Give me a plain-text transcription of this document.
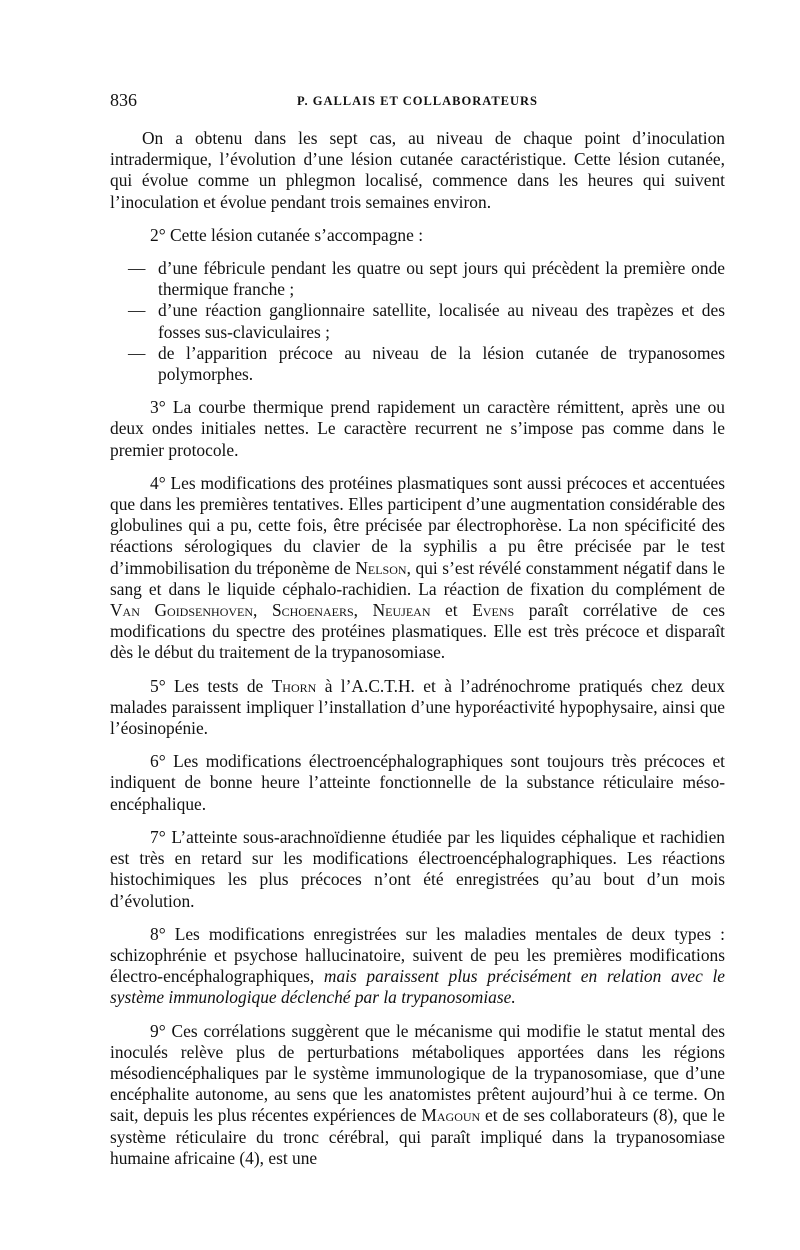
836	P. GALLAIS ET COLLABORATEURS

On a obtenu dans les sept cas, au niveau de chaque point d’inoculation intradermique, l’évolution d’une lésion cutanée caractéristique. Cette lésion cutanée, qui évolue comme un phlegmon localisé, commence dans les heures qui suivent l’inoculation et évolue pendant trois semaines environ.

2° Cette lésion cutanée s’accompagne :

— d’une fébricule pendant les quatre ou sept jours qui précèdent la première onde thermique franche ;
— d’une réaction ganglionnaire satellite, localisée au niveau des trapèzes et des fosses sus-claviculaires ;
— de l’apparition précoce au niveau de la lésion cutanée de trypanosomes polymorphes.

3° La courbe thermique prend rapidement un caractère rémittent, après une ou deux ondes initiales nettes. Le caractère recurrent ne s’impose pas comme dans le premier protocole.

4° Les modifications des protéines plasmatiques sont aussi précoces et accentuées que dans les premières tentatives. Elles participent d’une augmentation considérable des globulines qui a pu, cette fois, être précisée par électrophorèse. La non spécificité des réactions sérologiques du clavier de la syphilis a pu être précisée par le test d’immobilisation du tréponème de Nelson, qui s’est révélé constamment négatif dans le sang et dans le liquide céphalo-rachidien. La réaction de fixation du complément de Van Goidsenhoven, Schoenaers, Neujean et Evens paraît corrélative de ces modifications du spectre des protéines plasmatiques. Elle est très précoce et disparaît dès le début du traitement de la trypanosomiase.

5° Les tests de Thorn à l’A.C.T.H. et à l’adrénochrome pratiqués chez deux malades paraissent impliquer l’installation d’une hyporéactivité hypophysaire, ainsi que l’éosinopénie.

6° Les modifications électroencéphalographiques sont toujours très précoces et indiquent de bonne heure l’atteinte fonctionnelle de la substance réticulaire méso-encéphalique.

7° L’atteinte sous-arachnoïdienne étudiée par les liquides céphalique et rachidien est très en retard sur les modifications électroencéphalographiques. Les réactions histochimiques les plus précoces n’ont été enregistrées qu’au bout d’un mois d’évolution.

8° Les modifications enregistrées sur les maladies mentales de deux types : schizophrénie et psychose hallucinatoire, suivent de peu les premières modifications électro-encéphalographiques, mais paraissent plus précisément en relation avec le système immunologique déclenché par la trypanosomiase.

9° Ces corrélations suggèrent que le mécanisme qui modifie le statut mental des inoculés relève plus de perturbations métaboliques apportées dans les régions mésodiencéphaliques par le système immunologique de la trypanosomiase, que d’une encéphalite autonome, au sens que les anatomistes prêtent aujourd’hui à ce terme. On sait, depuis les plus récentes expériences de Magoun et de ses collaborateurs (8), que le système réticulaire du tronc cérébral, qui paraît impliqué dans la trypanosomiase humaine africaine (4), est une
